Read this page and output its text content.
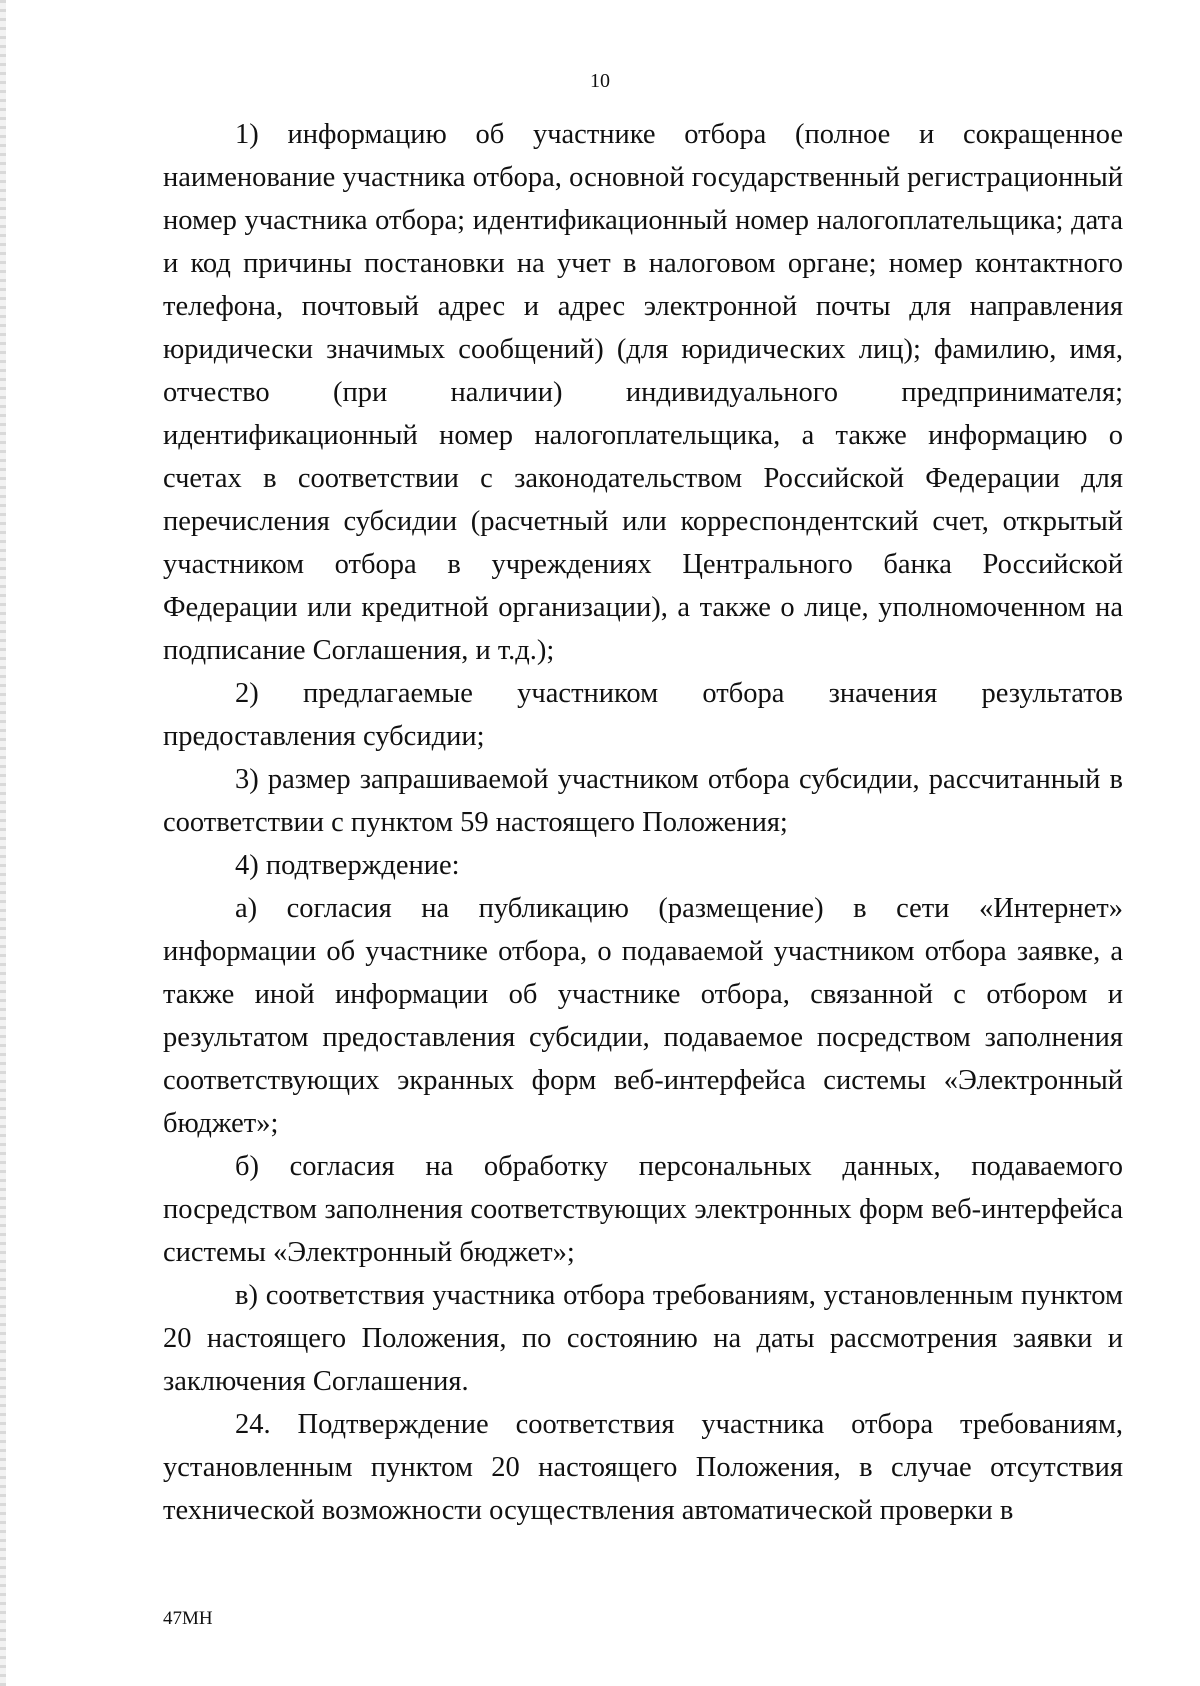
10

1) информацию об участнике отбора (полное и сокращенное наименование участника отбора, основной государственный регистрационный номер участника отбора; идентификационный номер налогоплательщика; дата и код причины постановки на учет в налоговом органе; номер контактного телефона, почтовый адрес и адрес электронной почты для направления юридически значимых сообщений) (для юридических лиц); фамилию, имя, отчество (при наличии) индивидуального предпринимателя; идентификационный номер налогоплательщика, а также информацию о счетах в соответствии с законодательством Российской Федерации для перечисления субсидии (расчетный или корреспондентский счет, открытый участником отбора в учреждениях Центрального банка Российской Федерации или кредитной организации), а также о лице, уполномоченном на подписание Соглашения, и т.д.);

2) предлагаемые участником отбора значения результатов предоставления субсидии;

3) размер запрашиваемой участником отбора субсидии, рассчитанный в соответствии с пунктом 59 настоящего Положения;

4) подтверждение:

а) согласия на публикацию (размещение) в сети «Интернет» информации об участнике отбора, о подаваемой участником отбора заявке, а также иной информации об участнике отбора, связанной с отбором и результатом предоставления субсидии, подаваемое посредством заполнения соответствующих экранных форм веб-интерфейса системы «Электронный бюджет»;

б) согласия на обработку персональных данных, подаваемого посредством заполнения соответствующих электронных форм веб-интерфейса системы «Электронный бюджет»;

в) соответствия участника отбора требованиям, установленным пунктом 20 настоящего Положения, по состоянию на даты рассмотрения заявки и заключения Соглашения.

24. Подтверждение соответствия участника отбора требованиям, установленным пунктом 20 настоящего Положения, в случае отсутствия технической возможности осуществления автоматической проверки в

47МН
